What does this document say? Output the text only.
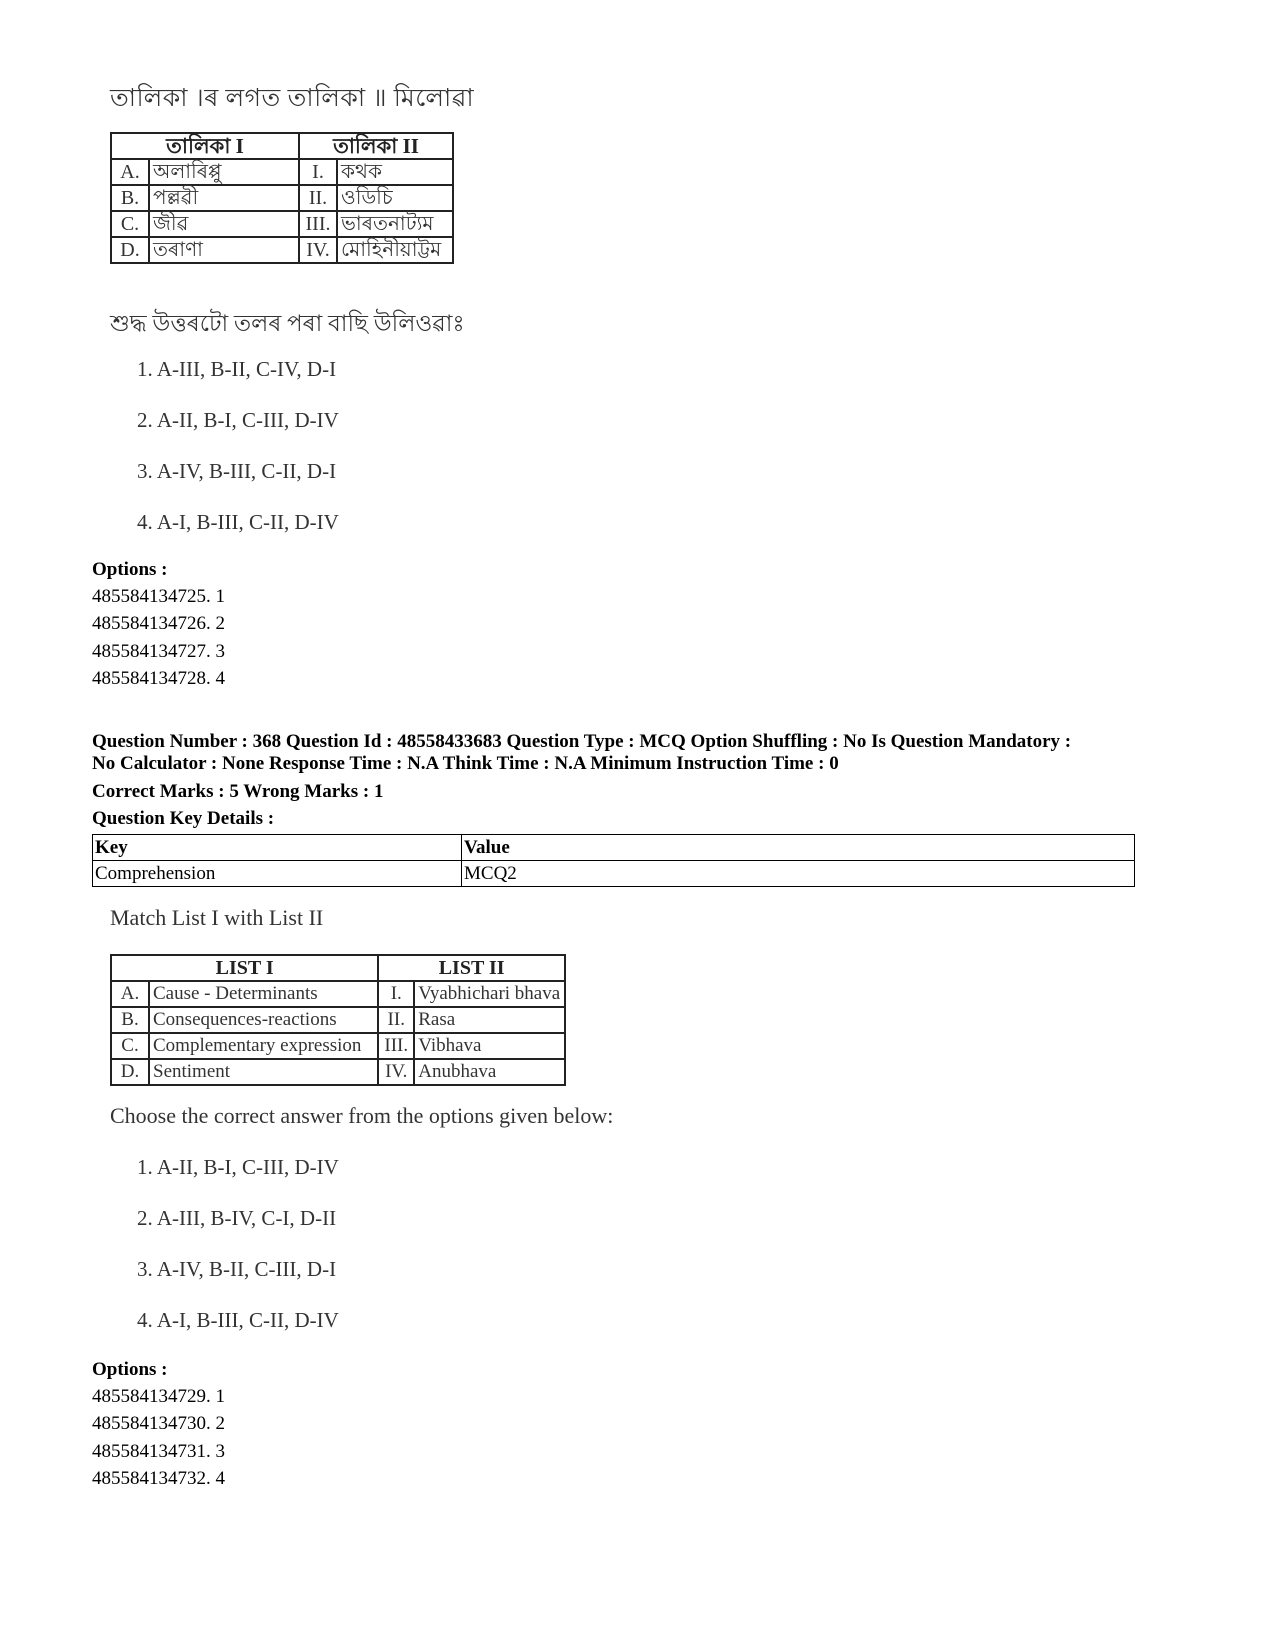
তালিকা ।ৰ লগত তালিকা ॥ মিলোৱা
তালিকা I		তালিকা II	
A.	অলাৰিপ্পু	I.	কথক
B.	পল্লৱী	II.	ওডিচি
C.	জীৱ	III.	ভাৰতনাট্যম
D.	তৰাণা	IV.	মোহিনীয়াট্টম
শুদ্ধ উত্তৰটো তলৰ পৰা বাছি উলিওৱাঃ
1. A-III, B-II, C-IV, D-I
2. A-II, B-I, C-III, D-IV
3. A-IV, B-III, C-II, D-I
4. A-I, B-III, C-II, D-IV
Options :
485584134725. 1
485584134726. 2
485584134727. 3
485584134728. 4
Question Number : 368 Question Id : 48558433683 Question Type : MCQ Option Shuffling : No Is Question Mandatory :
No Calculator : None Response Time : N.A Think Time : N.A Minimum Instruction Time : 0
Correct Marks : 5 Wrong Marks : 1
Question Key Details :
Key	Value
Comprehension	MCQ2
Match List I with List II
LIST I		LIST II	
A.	Cause - Determinants	I.	Vyabhichari bhava
B.	Consequences-reactions	II.	Rasa
C.	Complementary expression	III.	Vibhava
D.	Sentiment	IV.	Anubhava
Choose the correct answer from the options given below:
1. A-II, B-I, C-III, D-IV
2. A-III, B-IV, C-I, D-II
3. A-IV, B-II, C-III, D-I
4. A-I, B-III, C-II, D-IV
Options :
485584134729. 1
485584134730. 2
485584134731. 3
485584134732. 4
